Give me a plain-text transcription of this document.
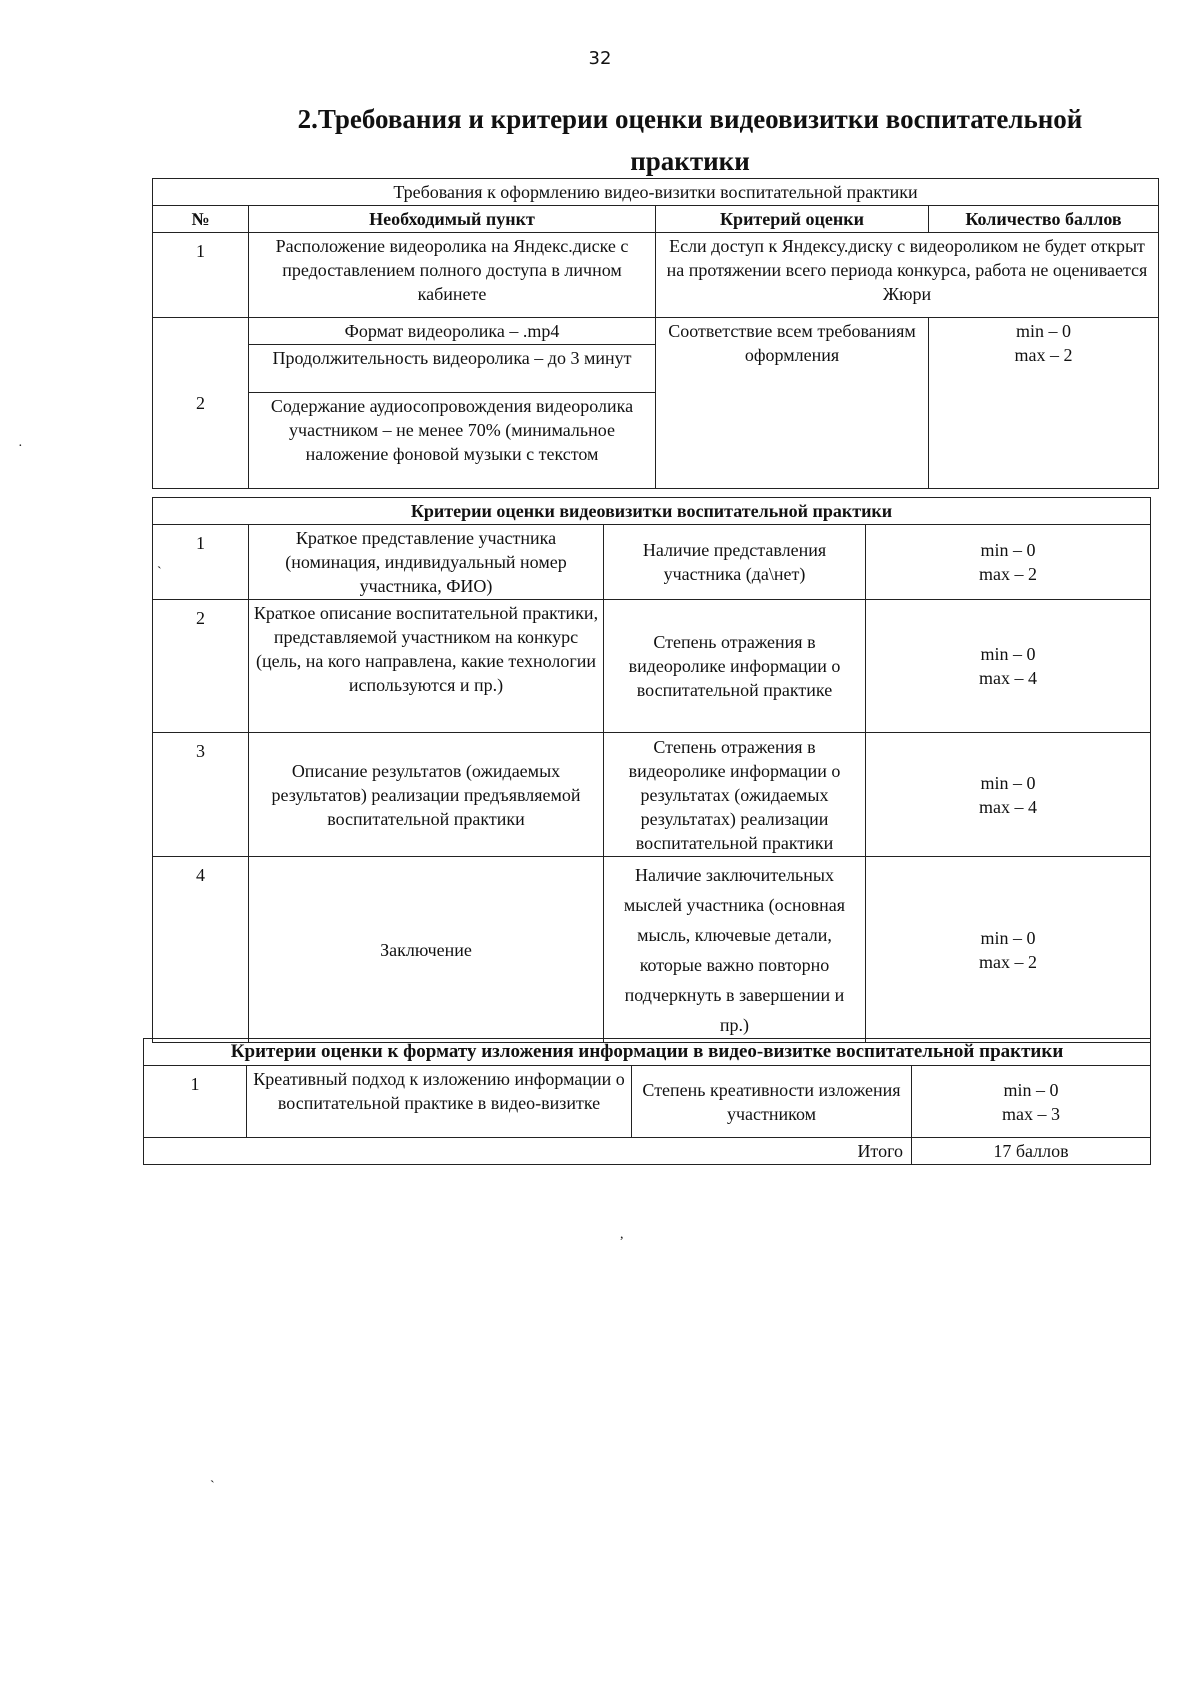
32
2.Требования и критерии оценки видеовизитки воспитательной
практики
Требования к оформлению видео-визитки воспитательной практики			
№	Необходимый пункт	Критерий оценки	Количество баллов
1	Расположение видеоролика на Яндекс.диске с предоставлением полного доступа в личном кабинете	Если доступ к Яндексу.диску с видеороликом не будет открыт на протяжении всего периода конкурса, работа не оценивается Жюри	
2	Формат видеоролика – .mp4	Соответствие всем требованиям оформления	min – 0
max – 2

	Продолжительность видеоролика – до 3 минут		
	Содержание аудиосопровождения видеоролика участником – не менее 70% (минимальное наложение фоновой музыки с текстом		
Критерии оценки видеовизитки воспитательной практики			
1	Краткое представление участника (номинация, индивидуальный номер участника, ФИО)	Наличие представления участника (да\нет)	min – 0
max – 2

2	Краткое описание воспитательной практики, представляемой участником на конкурс (цель, на кого направлена, какие технологии используются и пр.)	Степень отражения в видеоролике информации о воспитательной практике	min – 0
max – 4

3	Описание результатов (ожидаемых результатов) реализации предъявляемой воспитательной практики	Степень отражения в видеоролике информации о результатах (ожидаемых результатах) реализации воспитательной практики	min – 0
max – 4

4	Заключение	Наличие заключительных мыслей участника (основная мысль, ключевые детали, которые важно повторно подчеркнуть в завершении и пр.)	min – 0
max – 2
Критерии оценки к формату изложения информации в видео-визитке воспитательной практики			
1	Креативный подход к изложению информации о воспитательной практике в видео-визитке	Степень креативности изложения участником	min – 0
max – 3

Итого			17 баллов
·
`
,
`
